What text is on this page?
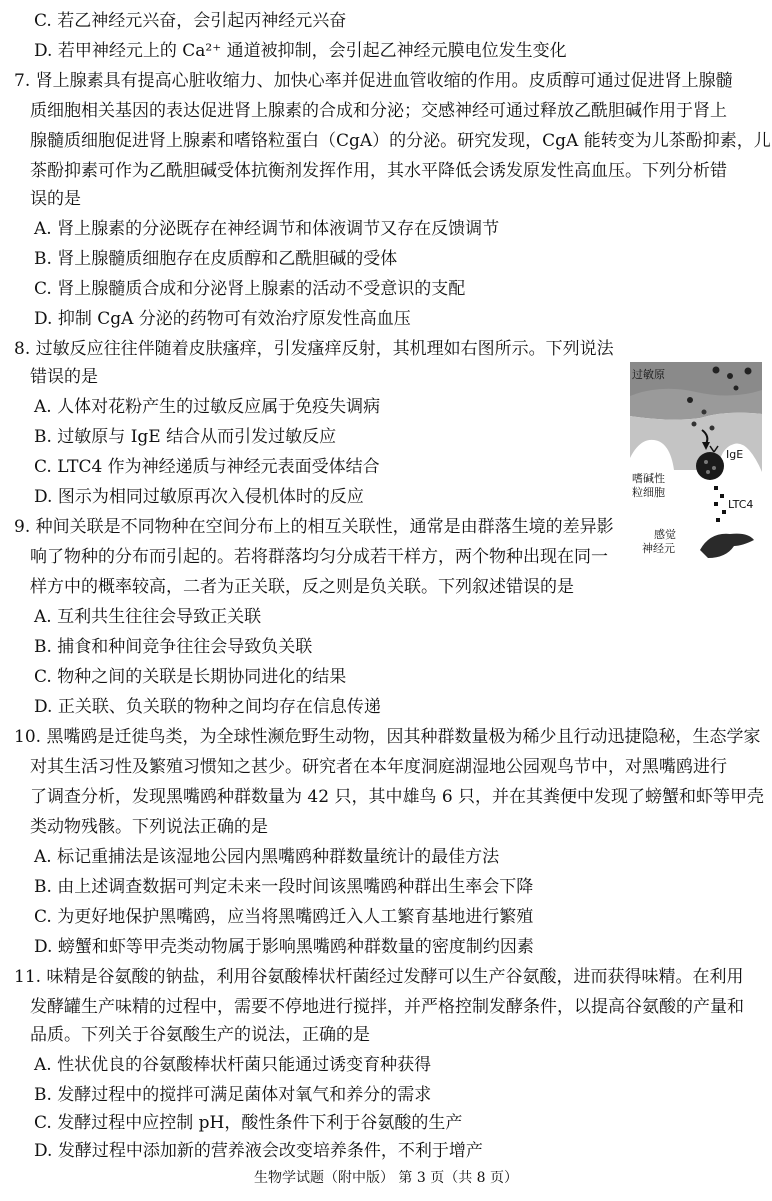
C. 若乙神经元兴奋，会引起丙神经元兴奋
D. 若甲神经元上的 Ca²⁺ 通道被抑制，会引起乙神经元膜电位发生变化
7. 肾上腺素具有提高心脏收缩力、加快心率并促进血管收缩的作用。皮质醇可通过促进肾上腺髓
质细胞相关基因的表达促进肾上腺素的合成和分泌；交感神经可通过释放乙酰胆碱作用于肾上
腺髓质细胞促进肾上腺素和嗜铬粒蛋白（CgA）的分泌。研究发现，CgA 能转变为儿茶酚抑素，儿
茶酚抑素可作为乙酰胆碱受体抗衡剂发挥作用，其水平降低会诱发原发性高血压。下列分析错
误的是
A. 肾上腺素的分泌既存在神经调节和体液调节又存在反馈调节
B. 肾上腺髓质细胞存在皮质醇和乙酰胆碱的受体
C. 肾上腺髓质合成和分泌肾上腺素的活动不受意识的支配
D. 抑制 CgA 分泌的药物可有效治疗原发性高血压
8. 过敏反应往往伴随着皮肤瘙痒，引发瘙痒反射，其机理如右图所示。下列说法
错误的是
A. 人体对花粉产生的过敏反应属于免疫失调病
B. 过敏原与 IgE 结合从而引发过敏反应
C. LTC4 作为神经递质与神经元表面受体结合
D. 图示为相同过敏原再次入侵机体时的反应
9. 种间关联是不同物种在空间分布上的相互关联性，通常是由群落生境的差异影
响了物种的分布而引起的。若将群落均匀分成若干样方，两个物种出现在同一
样方中的概率较高，二者为正关联，反之则是负关联。下列叙述错误的是
A. 互利共生往往会导致正关联
B. 捕食和种间竞争往往会导致负关联
C. 物种之间的关联是长期协同进化的结果
D. 正关联、负关联的物种之间均存在信息传递
10. 黑嘴鸥是迁徙鸟类，为全球性濒危野生动物，因其种群数量极为稀少且行动迅捷隐秘，生态学家
对其生活习性及繁殖习惯知之甚少。研究者在本年度洞庭湖湿地公园观鸟节中，对黑嘴鸥进行
了调查分析，发现黑嘴鸥种群数量为 42 只，其中雄鸟 6 只，并在其粪便中发现了螃蟹和虾等甲壳
类动物残骸。下列说法正确的是
A. 标记重捕法是该湿地公园内黑嘴鸥种群数量统计的最佳方法
B. 由上述调查数据可判定未来一段时间该黑嘴鸥种群出生率会下降
C. 为更好地保护黑嘴鸥，应当将黑嘴鸥迁入人工繁育基地进行繁殖
D. 螃蟹和虾等甲壳类动物属于影响黑嘴鸥种群数量的密度制约因素
11. 味精是谷氨酸的钠盐，利用谷氨酸棒状杆菌经过发酵可以生产谷氨酸，进而获得味精。在利用
发酵罐生产味精的过程中，需要不停地进行搅拌，并严格控制发酵条件，以提高谷氨酸的产量和
品质。下列关于谷氨酸生产的说法，正确的是
A. 性状优良的谷氨酸棒状杆菌只能通过诱变育种获得
B. 发酵过程中的搅拌可满足菌体对氧气和养分的需求
C. 发酵过程中应控制 pH，酸性条件下利于谷氨酸的生产
D. 发酵过程中添加新的营养液会改变培养条件，不利于增产
过敏原
IgE
嗜碱性
粒细胞
LTC4
感觉
神经元
生物学试题（附中版） 第 3 页（共 8 页）
